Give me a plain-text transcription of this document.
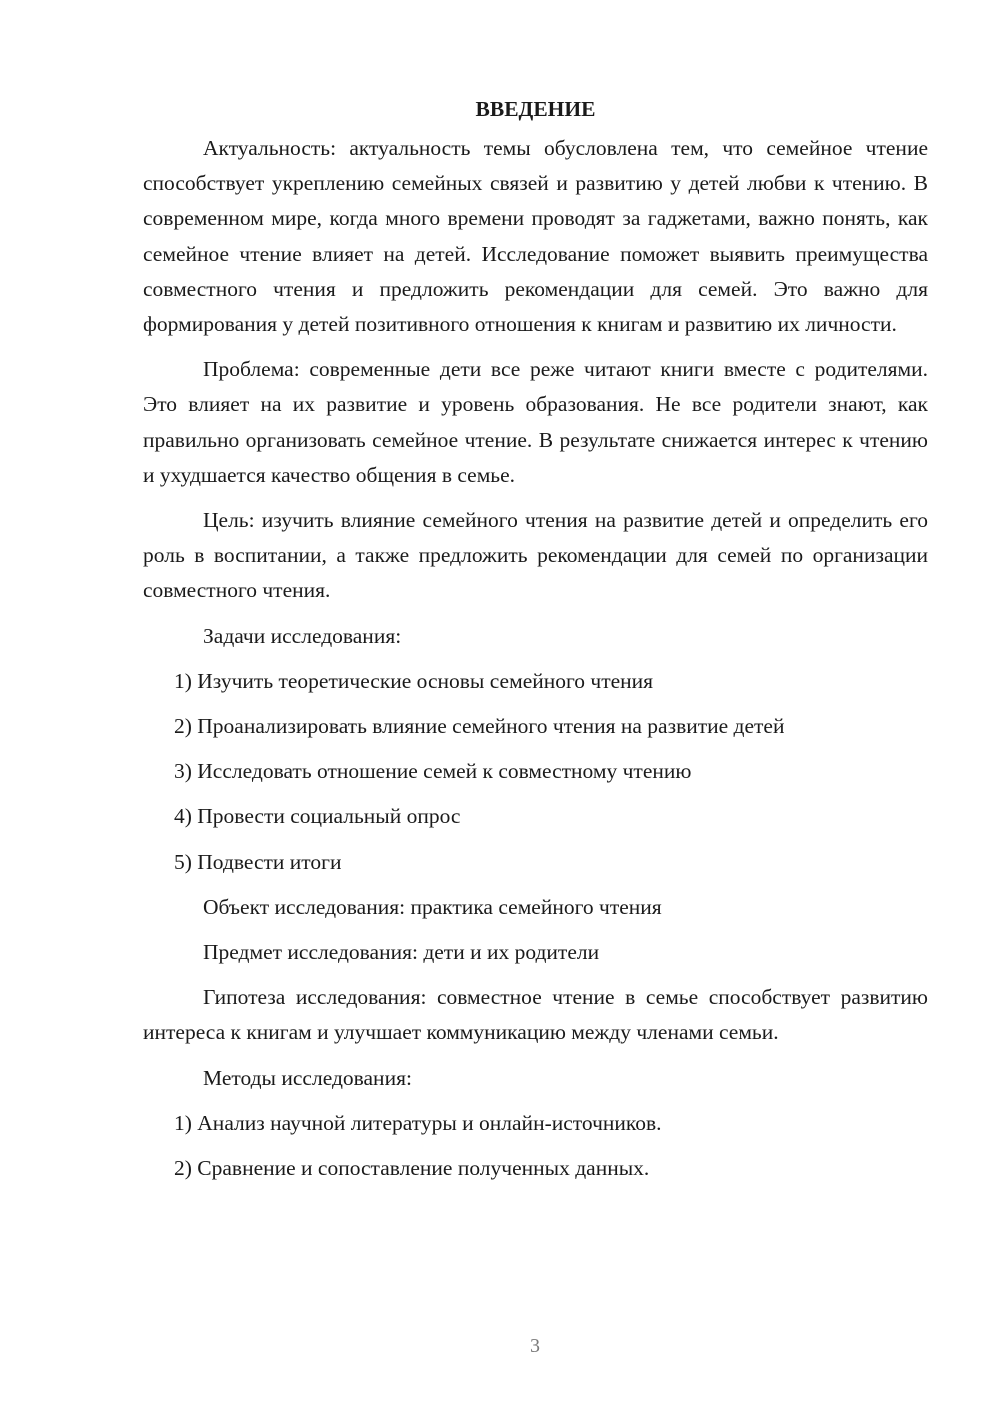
ВВЕДЕНИЕ
Актуальность: актуальность темы обусловлена тем, что семейное чтение способствует укреплению семейных связей и развитию у детей любви к чтению. В современном мире, когда много времени проводят за гаджетами, важно понять, как семейное чтение влияет на детей. Исследование поможет выявить преимущества совместного чтения и предложить рекомендации для семей. Это важно для формирования у детей позитивного отношения к книгам и развитию их личности.
Проблема: современные дети все реже читают книги вместе с родителями. Это влияет на их развитие и уровень образования. Не все родители знают, как правильно организовать семейное чтение. В результате снижается интерес к чтению и ухудшается качество общения в семье.
Цель: изучить влияние семейного чтения на развитие детей и определить его роль в воспитании, а также предложить рекомендации для семей по организации совместного чтения.
Задачи исследования:
1) Изучить теоретические основы семейного чтения
2) Проанализировать влияние семейного чтения на развитие детей
3) Исследовать отношение семей к совместному чтению
4) Провести социальный опрос
5) Подвести итоги
Объект исследования: практика семейного чтения
Предмет исследования: дети и их родители
Гипотеза исследования: совместное чтение в семье способствует развитию интереса к книгам и улучшает коммуникацию между членами семьи.
Методы исследования:
1) Анализ научной литературы и онлайн-источников.
2) Сравнение и сопоставление полученных данных.
3
